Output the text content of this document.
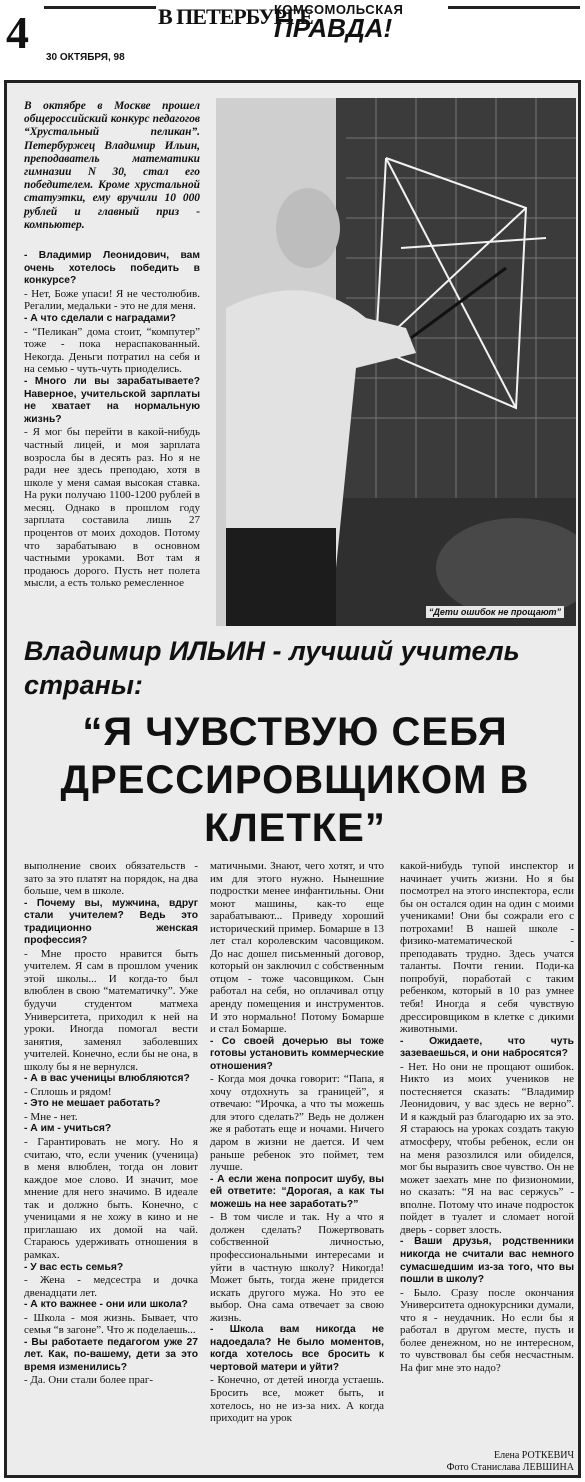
4 30 ОКТЯБРЯ, 98
В ПЕТЕРБУРГЕ
КОМСОМОЛЬСКАЯ
ПРАВДА!
В октябре в Москве прошел общероссийский конкурс педагогов “Хрустальный пеликан”. Петербуржец Владимир Ильин, преподаватель математики гимназии N 30, стал его победителем. Кроме хрустальной статуэтки, ему вручили 10 000 рублей и главный приз - компьютер.

- Владимир Леонидович, вам очень хотелось победить в конкурсе?

- Нет, Боже упаси! Я не честолюбив. Регалии, медальки - это не для меня.

- А что сделали с наградами?

- “Пеликан” дома стоит, “компутер” тоже - пока нераспакованный. Некогда. Деньги потратил на себя и на семью - чуть-чуть приодели​сь.

- Много ли вы зарабатываете? Наверное, учительской зарплаты не хватает на нормальную жизнь?

- Я мог бы перейти в какой-нибудь частный лицей, и моя зарплата возросла бы в десять раз. Но я не ради нее здесь преподаю, хотя в школе у меня самая высокая ставка. На руки получаю 1100-1200 рублей в месяц. Однако в прошлом году зарплата составила лишь 27 процентов от моих доходов. Потому что зарабатываю в основном частными уроками. Вот там я продаюсь дорого. Пусть нет полета мысли, а есть только ремесленное

“Дети ошибок не прощают”
Владимир ИЛЬИН - лучший учитель страны:
“Я ЧУВСТВУЮ СЕБЯ ДРЕССИРОВЩИКОМ В КЛЕТКЕ”

выполнение своих обязательств - зато за это платят на порядок, на два больше, чем в школе.

- Почему вы, мужчина, вдруг стали учителем? Ведь это традиционно женская профессия?

- Мне просто нравится быть учителем. Я сам в прошлом ученик этой школы... И когда-то был влюблен в свою “математичку”. Уже будучи студентом матмеха Университета, приходил к ней на уроки. Иногда помогал вести занятия, заменял заболевших учителей. Конечно, если бы не она, в школу бы я не вернулся.

- А в вас ученицы влюбляются?

- Сплошь и рядом!

- Это не мешает работать?

- Мне - нет.

- А им - учиться?

- Гарантировать не могу. Но я считаю, что, если ученик (ученица) в меня влюблен, тогда он ловит каждое мое слово. И значит, мое мнение для него значимо. В идеале так и должно быть. Конечно, с ученицами я не хожу в кино и не приглашаю их домой на чай. Стараюсь удерживать отношения в рамках.

- У вас есть семья?

- Жена - медсестра и дочка двенадцати лет.

- А кто важнее - они или школа?

- Школа - моя жизнь. Бывает, что семья “в загоне”. Что ж поделаешь...

- Вы работаете педагогом уже 27 лет. Как, по-вашему, дети за это время изменились?

- Да. Они стали более праг-

матичными. Знают, чего хотят, и что им для этого нужно. Нынешние подростки менее инфантильны. Они моют машины, как-то еще зарабатывают... Приведу хороший исторический пример. Бомарше в 13 лет стал королевским часовщиком. До нас дошел письменный договор, который он заключил с собственным отцом - тоже часовщиком. Сын работал на себя, но оплачивал отцу аренду помещения и инструментов. И это нормально! Потому Бомарше и стал Бомарше.

- Со своей дочерью вы тоже готовы установить коммерческие отношения?

- Когда моя дочка говорит: “Папа, я хочу отдохнуть за границей”, я отвечаю: “Ирочка, а что ты можешь для этого сделать?” Ведь не должен же я работать еще и ночами. Ничего даром в жизни не дается. И чем раньше ребенок это поймет, тем лучше.

- А если жена попросит шубу, вы ей ответите: “Дорогая, а как ты можешь на нее заработать?”

- В том числе и так. Ну а что я должен сделать? Пожертвовать собственной личностью, профессиональными интересами и уйти в частную школу? Никогда! Может быть, тогда жене придется искать другого мужа. Но это ее выбор. Она сама отвечает за свою жизнь.

- Школа вам никогда не надоедала? Не было моментов, когда хотелось все бросить к чертовой матери и уйти?

- Конечно, от детей иногда устаешь. Бросить все, может быть, и хотелось, но не из-за них. А когда приходит на урок

какой-нибудь тупой инспектор и начинает учить жизни. Но я бы посмотрел на этого инспектора, если бы он остался один на один с моими учениками! Они бы сожрали его с потрохами! В нашей школе - физико-математической - преподавать трудно. Здесь учатся таланты. Почти гении. Поди-ка попробуй, поработай с таким ребенком, который в 10 раз умнее тебя! Иногда я себя чувствую дрессировщиком в клетке с дикими животными.

- Ожидаете, что чуть зазеваешься, и они набросятся?

- Нет. Но они не прощают ошибок. Никто из моих учеников не постесняется сказать: “Владимир Леонидович, у вас здесь не верно”. И я каждый раз благодарю их за это. Я стараюсь на уроках создать такую атмосферу, чтобы ребенок, если он на меня разозлился или обиделся, мог бы выразить свое чувство. Он не может заехать мне по физиономии, но сказать: “Я на вас сержусь” - вполне. Потому что иначе подросток пойдет в туалет и сломает ногой дверь - сорвет злость.

- Ваши друзья, родственники никогда не считали вас немного сумасшедшим из-за того, что вы пошли в школу?

- Было. Сразу после окончания Университета однокурсники думали, что я - неудачник. Но если бы я работал в другом месте, пусть и более денежном, но не интересном, то чувствовал бы себя несчастным. На фиг мне это надо?

Елена РОТКЕВИЧ
Фото Станислава ЛЕВШИНА
